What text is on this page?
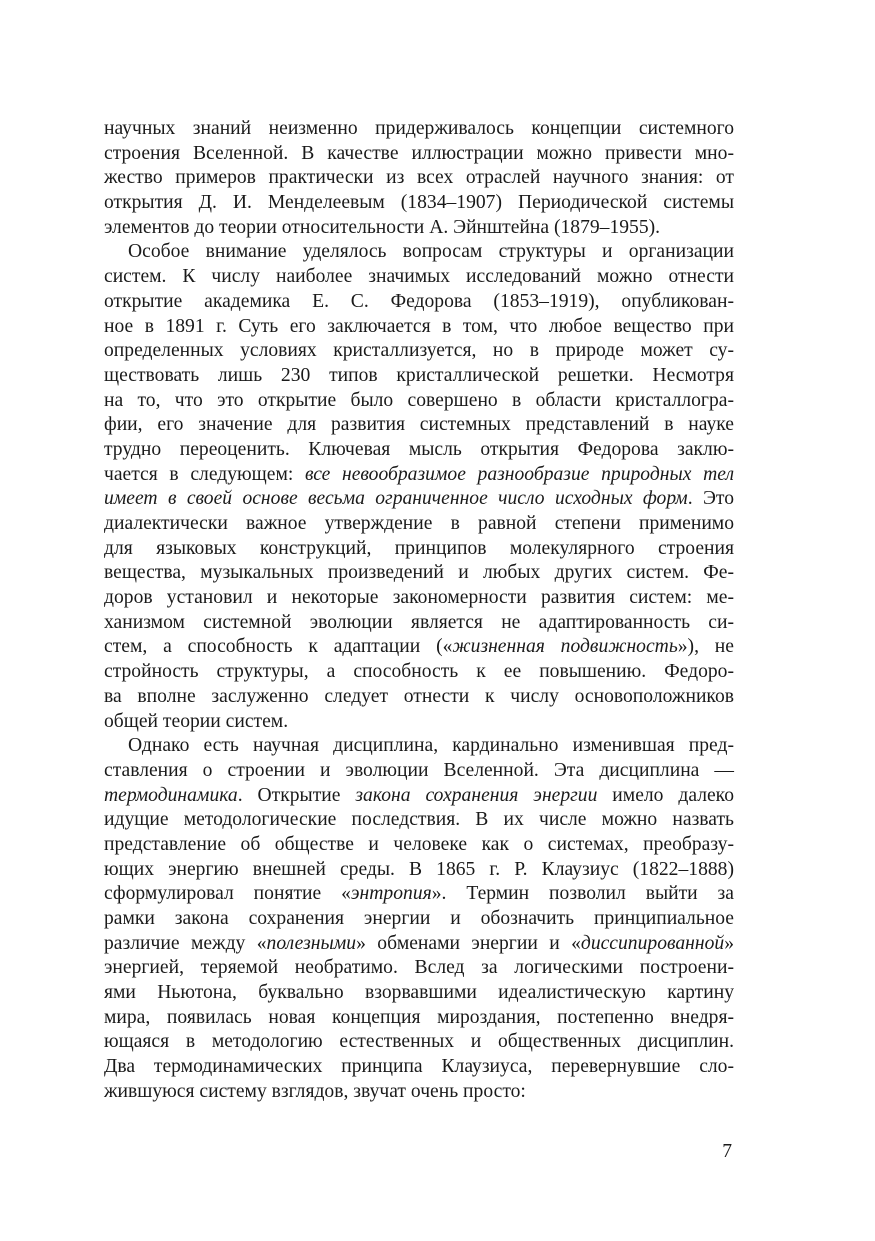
научных знаний неизменно придерживалось концепции системного
строения Вселенной. В качестве иллюстрации можно привести мно-
жество примеров практически из всех отраслей научного знания: от
открытия Д. И. Менделеевым (1834–1907) Периодической системы
элементов до теории относительности А. Эйнштейна (1879–1955).
Особое внимание уделялось вопросам структуры и организации
систем. К числу наиболее значимых исследований можно отнести
открытие академика Е. С. Федорова (1853–1919), опубликован-
ное в 1891 г. Суть его заключается в том, что любое вещество при
определенных условиях кристаллизуется, но в природе может су-
ществовать лишь 230 типов кристаллической решетки. Несмотря
на то, что это открытие было совершено в области кристаллогра-
фии, его значение для развития системных представлений в науке
трудно переоценить. Ключевая мысль открытия Федорова заклю-
чается в следующем: все невообразимое разнообразие природных тел
имеет в своей основе весьма ограниченное число исходных форм. Это
диалектически важное утверждение в равной степени применимо
для языковых конструкций, принципов молекулярного строения
вещества, музыкальных произведений и любых других систем. Фе-
доров установил и некоторые закономерности развития систем: ме-
ханизмом системной эволюции является не адаптированность си-
стем, а способность к адаптации («жизненная подвижность»), не
стройность структуры, а способность к ее повышению. Федоро-
ва вполне заслуженно следует отнести к числу основоположников
общей теории систем.
Однако есть научная дисциплина, кардинально изменившая пред-
ставления о строении и эволюции Вселенной. Эта дисциплина —
термодинамика. Открытие закона сохранения энергии имело далеко
идущие методологические последствия. В их числе можно назвать
представление об обществе и человеке как о системах, преобразу-
ющих энергию внешней среды. В 1865 г. Р. Клаузиус (1822–1888)
сформулировал понятие «энтропия». Термин позволил выйти за
рамки закона сохранения энергии и обозначить принципиальное
различие между «полезными» обменами энергии и «диссипированной»
энергией, теряемой необратимо. Вслед за логическими построени-
ями Ньютона, буквально взорвавшими идеалистическую картину
мира, появилась новая концепция мироздания, постепенно внедря-
ющаяся в методологию естественных и общественных дисциплин.
Два термодинамических принципа Клаузиуса, перевернувшие сло-
жившуюся систему взглядов, звучат очень просто:
7
